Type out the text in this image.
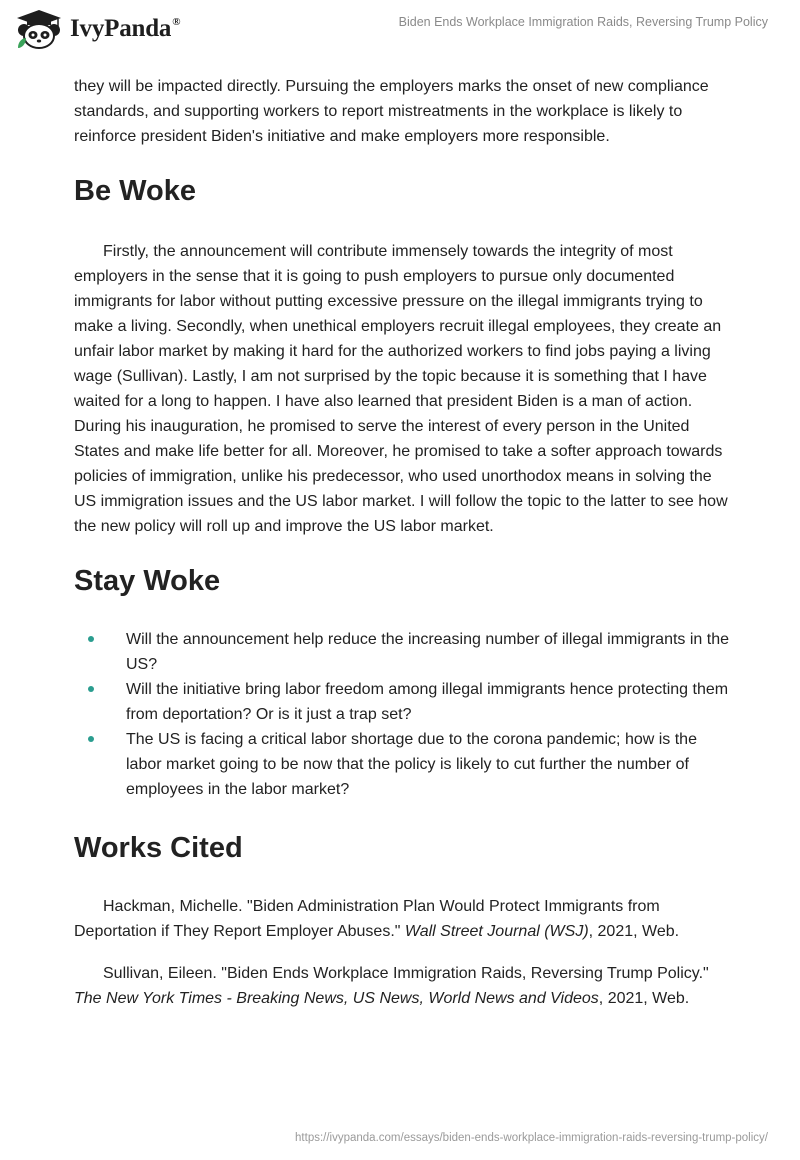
IvyPanda®	Biden Ends Workplace Immigration Raids, Reversing Trump Policy

they will be impacted directly. Pursuing the employers marks the onset of new compliance standards, and supporting workers to report mistreatments in the workplace is likely to reinforce president Biden's initiative and make employers more responsible.

Be Woke

Firstly, the announcement will contribute immensely towards the integrity of most employers in the sense that it is going to push employers to pursue only documented immigrants for labor without putting excessive pressure on the illegal immigrants trying to make a living. Secondly, when unethical employers recruit illegal employees, they create an unfair labor market by making it hard for the authorized workers to find jobs paying a living wage (Sullivan). Lastly, I am not surprised by the topic because it is something that I have waited for a long to happen. I have also learned that president Biden is a man of action. During his inauguration, he promised to serve the interest of every person in the United States and make life better for all. Moreover, he promised to take a softer approach towards policies of immigration, unlike his predecessor, who used unorthodox means in solving the US immigration issues and the US labor market. I will follow the topic to the latter to see how the new policy will roll up and improve the US labor market.

Stay Woke
Will the announcement help reduce the increasing number of illegal immigrants in the US?
Will the initiative bring labor freedom among illegal immigrants hence protecting them from deportation? Or is it just a trap set?
The US is facing a critical labor shortage due to the corona pandemic; how is the labor market going to be now that the policy is likely to cut further the number of employees in the labor market?
Works Cited

Hackman, Michelle. "Biden Administration Plan Would Protect Immigrants from Deportation if They Report Employer Abuses." Wall Street Journal (WSJ), 2021, Web.

Sullivan, Eileen. "Biden Ends Workplace Immigration Raids, Reversing Trump Policy." The New York Times - Breaking News, US News, World News and Videos, 2021, Web.

https://ivypanda.com/essays/biden-ends-workplace-immigration-raids-reversing-trump-policy/
